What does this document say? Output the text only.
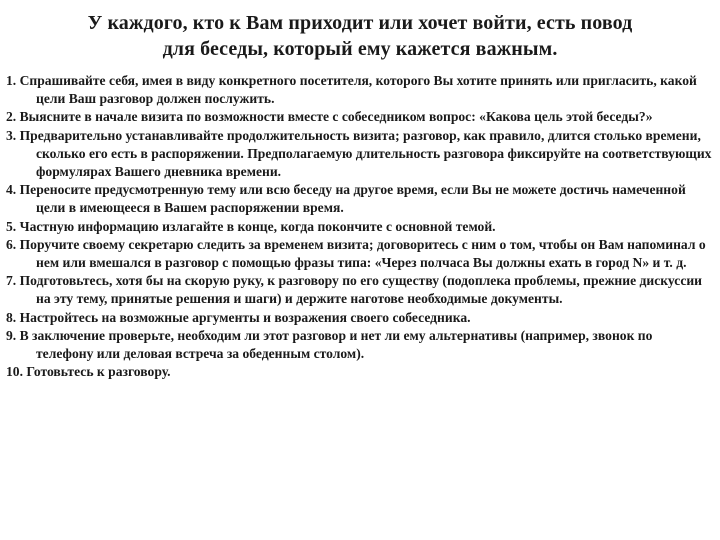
У каждого, кто к Вам приходит или хочет войти, есть повод
для беседы, который ему кажется важным.
1. Спрашивайте себя, имея в виду конкретного посетителя, которого Вы хотите принять или пригласить, какой цели Ваш разговор должен послужить.
2. Выясните в начале визита по возможности вместе с собеседником вопрос: «Какова цель этой беседы?»
3. Предварительно устанавливайте продолжительность визита; разговор, как правило, длится столько времени, сколько его есть в распоряжении. Предполагаемую длительность разговора фиксируйте на соответствующих формулярах Вашего дневника времени.
4. Переносите предусмотренную тему или всю беседу на другое время, если Вы не можете достичь намеченной цели в имеющееся в Вашем распоряжении время.
5. Частную информацию излагайте в конце, когда покончите с основной темой.
6. Поручите своему секретарю следить за временем визита; договоритесь с ним о том, чтобы он Вам напоминал о нем или вмешался в разговор с помощью фразы типа: «Через полчаса Вы должны ехать в город N» и т. д.
7. Подготовьтесь, хотя бы на скорую руку, к разговору по его существу (подоплека проблемы, прежние дискуссии на эту тему, принятые решения и шаги) и держите наготове необходимые документы.
8. Настройтесь на возможные аргументы и возражения своего собеседника.
9. В заключение проверьте, необходим ли этот разговор и нет ли ему альтернативы (например, звонок по телефону или деловая встреча за обеденным столом).
10. Готовьтесь к разговору.
